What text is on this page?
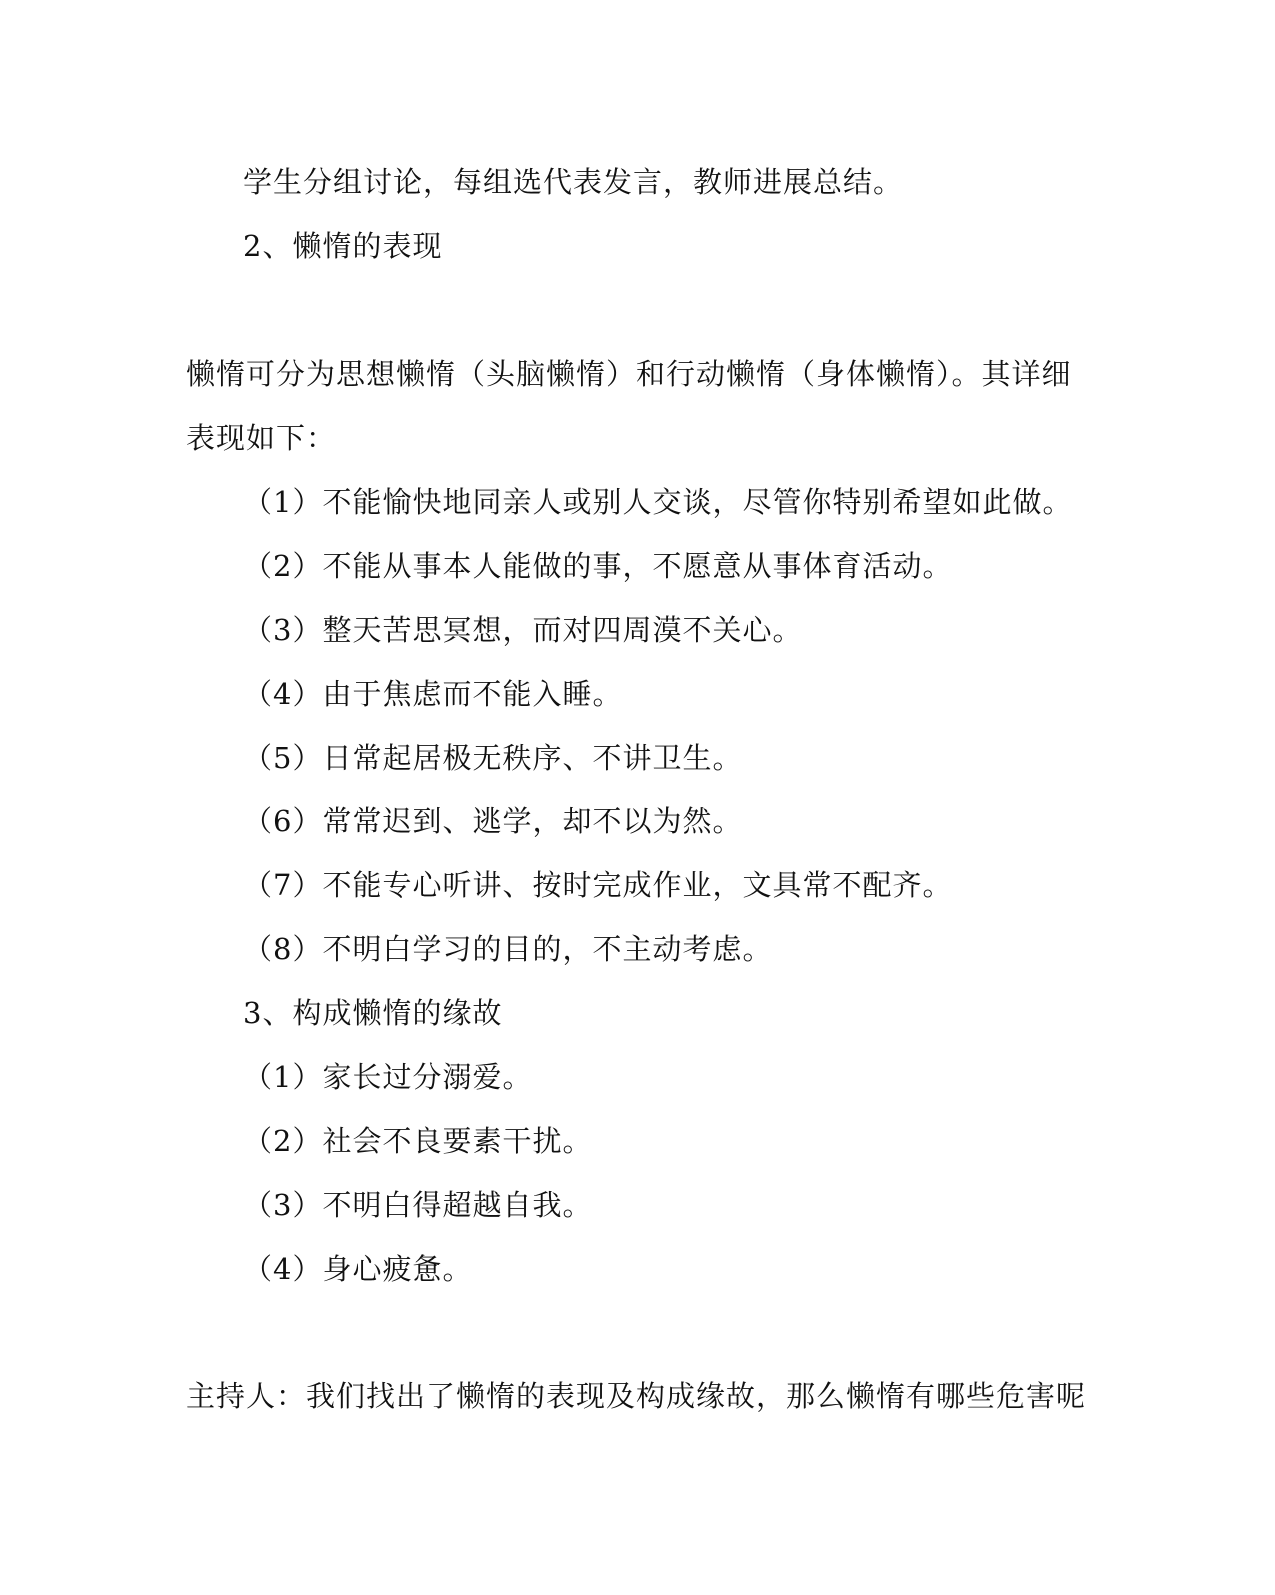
学生分组讨论，每组选代表发言，教师进展总结。
2、懒惰的表现
懒惰可分为思想懒惰（头脑懒惰）和行动懒惰（身体懒惰）。其详细
表现如下：
（1）不能愉快地同亲人或别人交谈，尽管你特别希望如此做。
（2）不能从事本人能做的事，不愿意从事体育活动。
（3）整天苦思冥想，而对四周漠不关心。
（4）由于焦虑而不能入睡。
（5）日常起居极无秩序、不讲卫生。
（6）常常迟到、逃学，却不以为然。
（7）不能专心听讲、按时完成作业，文具常不配齐。
（8）不明白学习的目的，不主动考虑。
3、构成懒惰的缘故
（1）家长过分溺爱。
（2）社会不良要素干扰。
（3）不明白得超越自我。
（4）身心疲惫。
主持人：我们找出了懒惰的表现及构成缘故，那么懒惰有哪些危害呢
